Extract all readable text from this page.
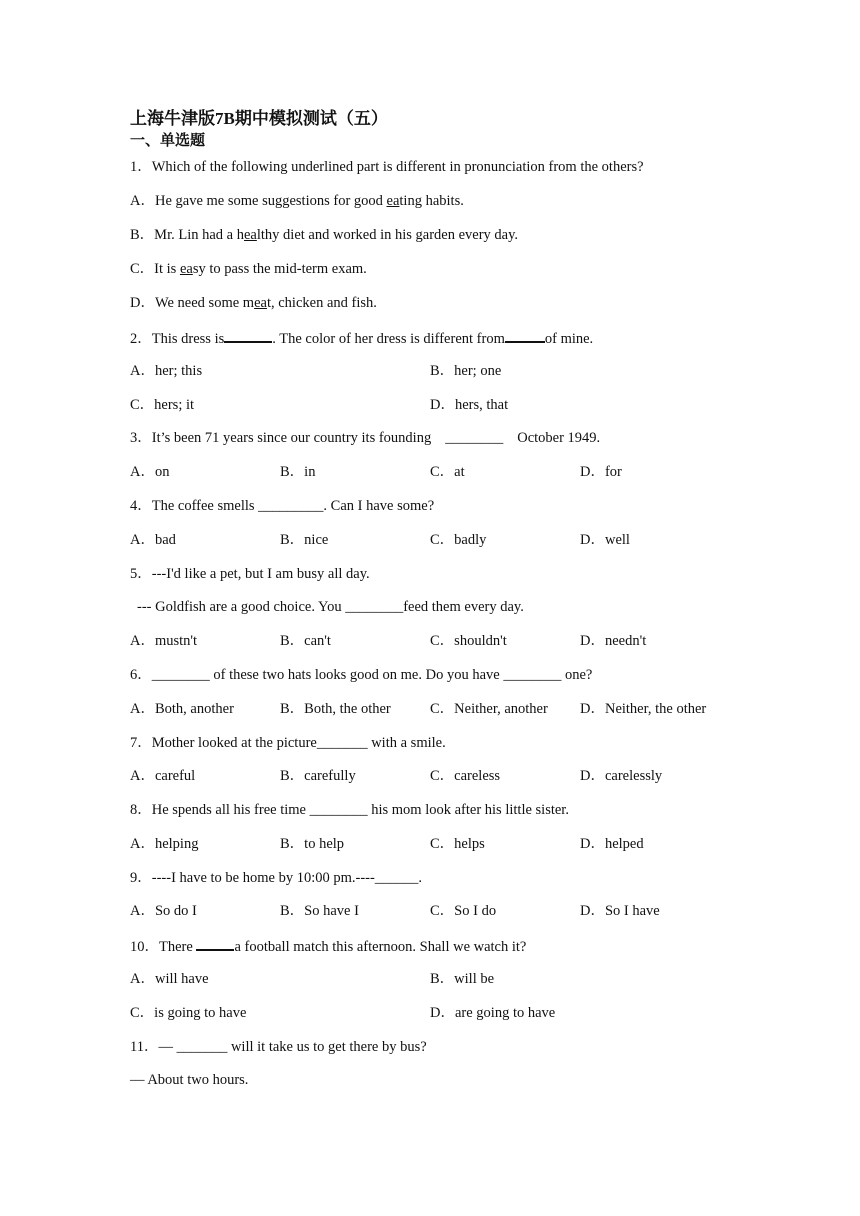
上海牛津版7B期中模拟测试（五）
一、单选题
1．Which of the following underlined part is different in pronunciation from the others?
A．He gave me some suggestions for good eating habits.
B．Mr. Lin had a healthy diet and worked in his garden every day.
C．It is easy to pass the mid-term exam.
D．We need some meat, chicken and fish.
2．This dress is	. The color of her dress is different from	of mine.
A．her; this	B．her; one
C．hers; it	D．hers, that
3．It’s been 71 years since our country its founding ________ October 1949.
A．on	B．in	C．at	D．for
4．The coffee smells _________. Can I have some?
A．bad	B．nice	C．badly	D．well
5．---I'd like a pet, but I am busy all day.
--- Goldfish are a good choice. You ________feed them every day.
A．mustn't	B．can't	C．shouldn't	D．needn't
6．________ of these two hats looks good on me. Do you have ________ one?
A．Both, another	B．Both, the other	C．Neither, another D．Neither, the other
7．Mother looked at the picture_______ with a smile.
A．careful	B．carefully	C．careless	D．carelessly
8．He spends all his free time ________ his mom look after his little sister.
A．helping	B．to help	C．helps	D．helped
9．----I have to be home by 10:00 pm.----______.
A．So do I	B．So have I	C．So I do	D．So I have
10．There	a football match this afternoon. Shall we watch it?
A．will have	B．will be
C．is going to have	D．are going to have
11．— _______ will it take us to get there by bus?
— About two hours.
